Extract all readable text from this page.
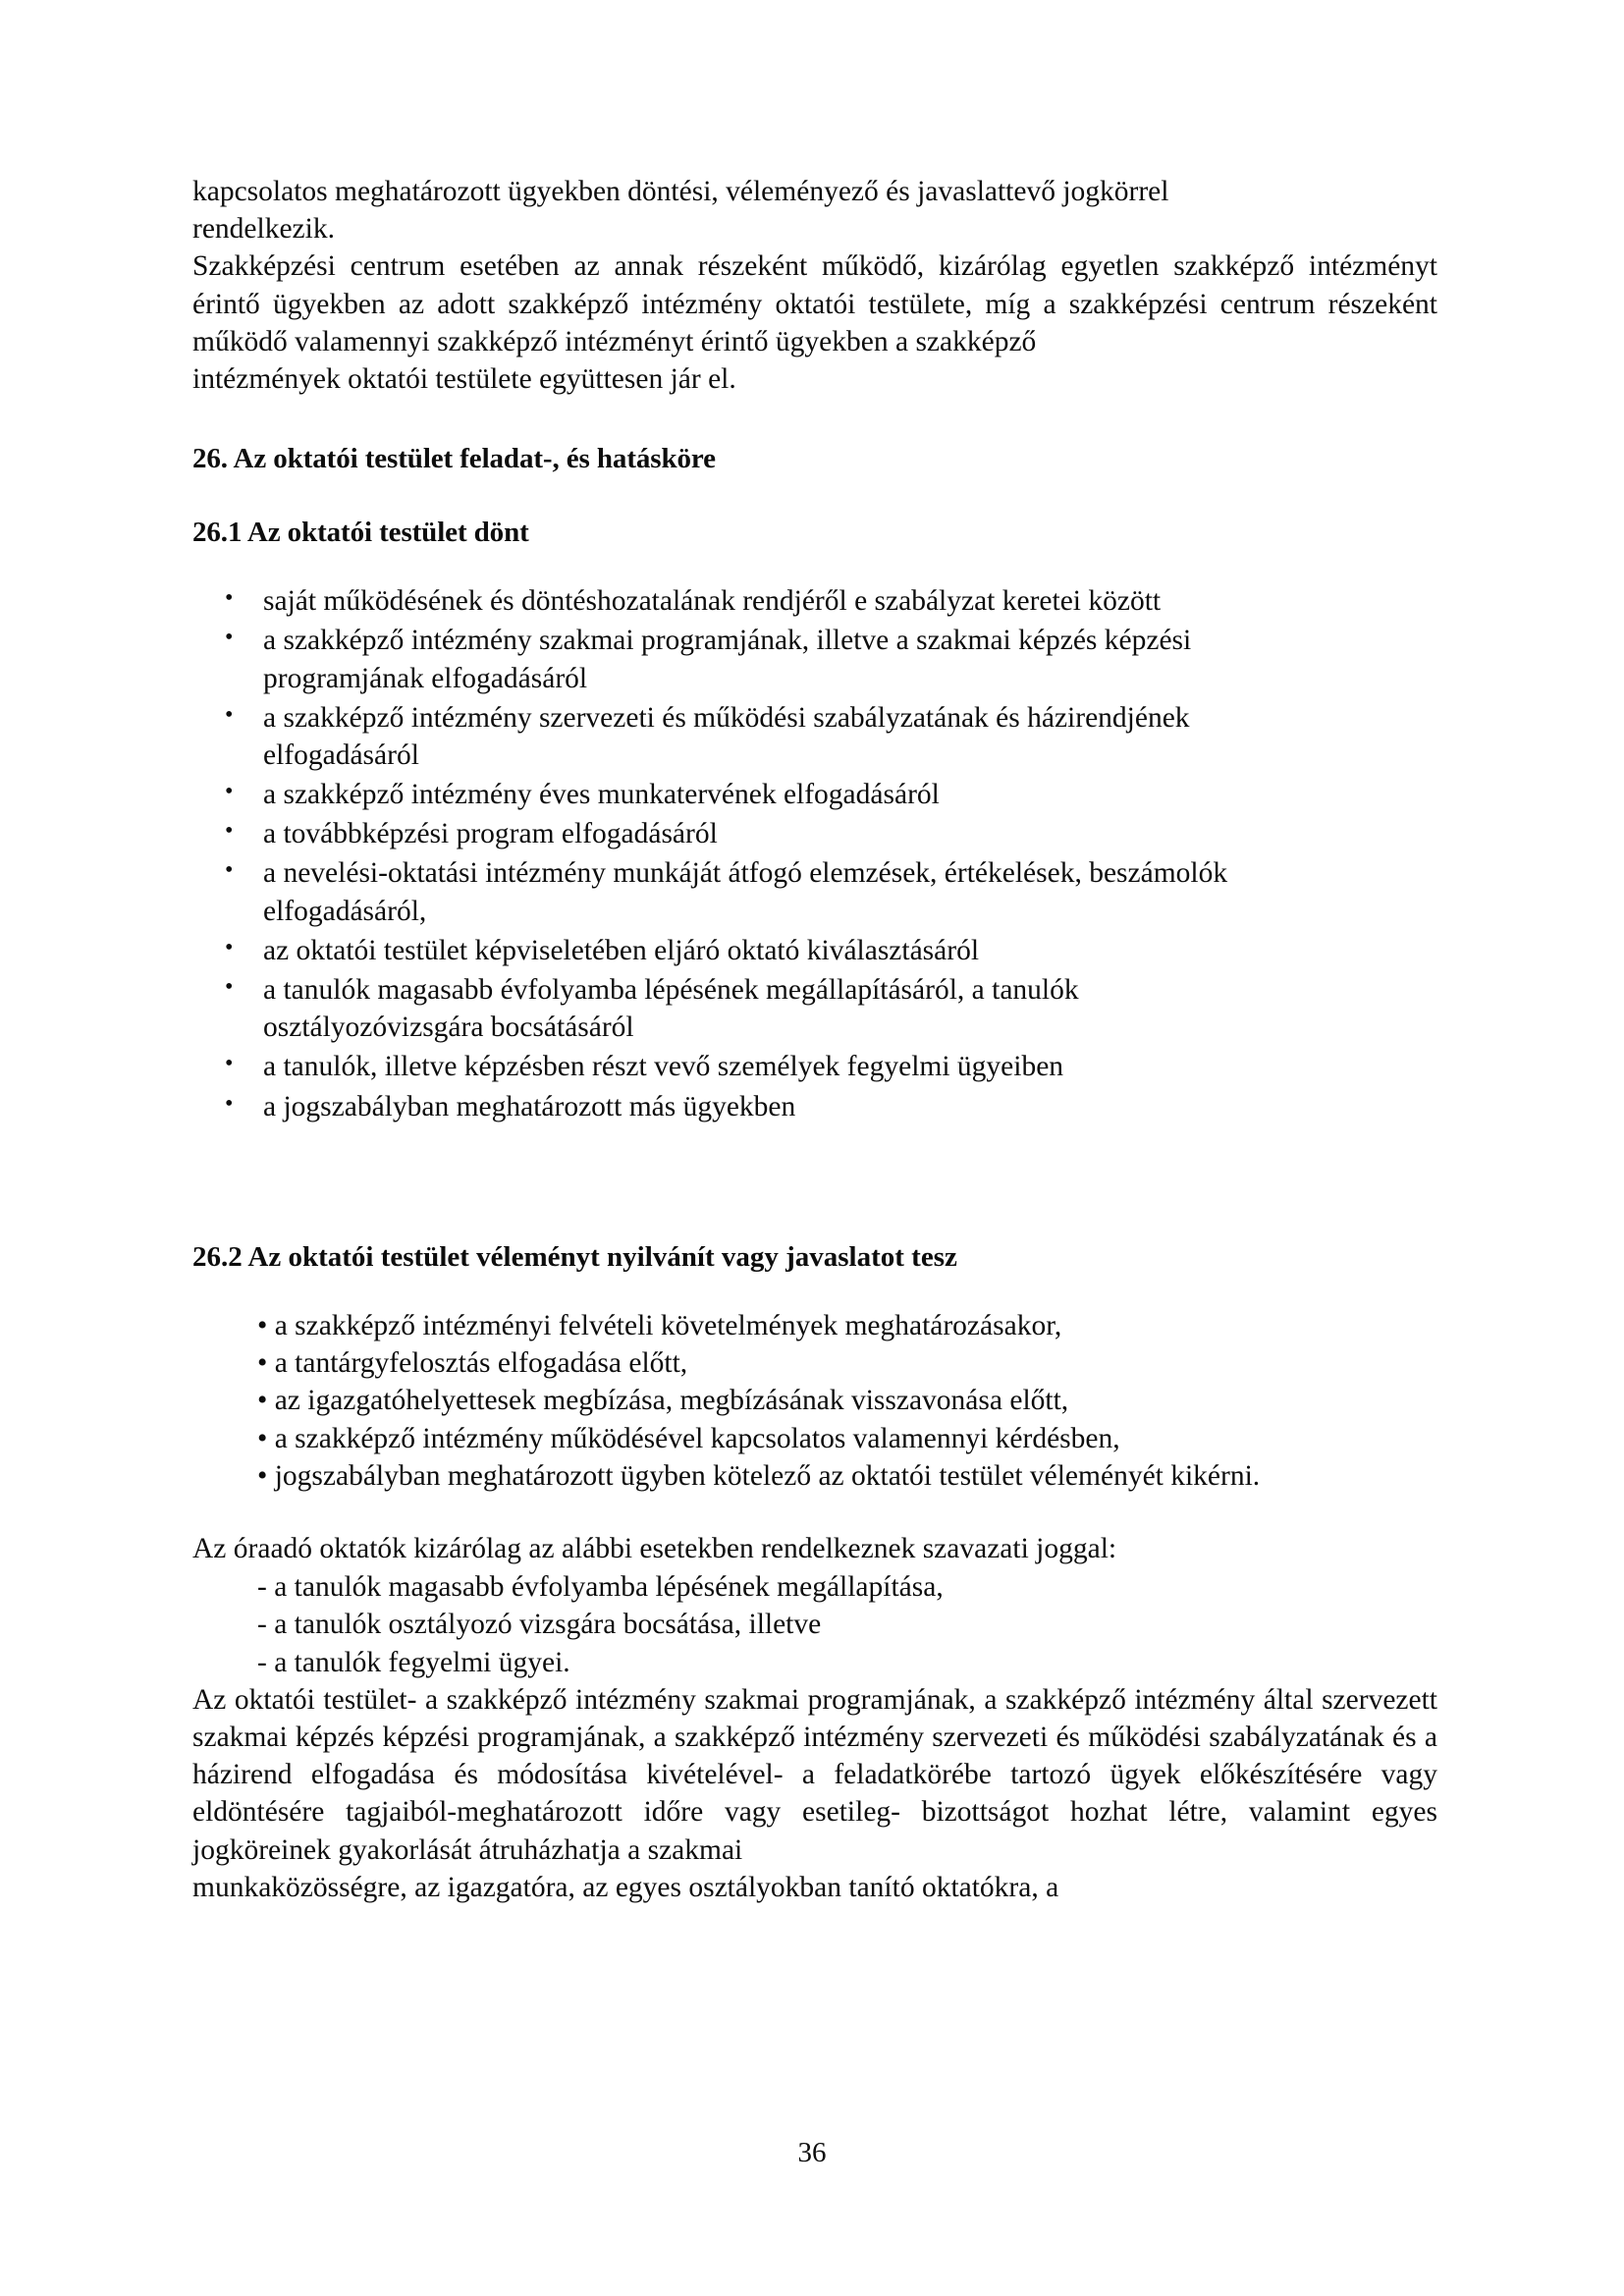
kapcsolatos meghatározott ügyekben döntési, véleményező és javaslattevő jogkörrel
rendelkezik.

Szakképzési centrum esetében az annak részeként működő, kizárólag egyetlen szakképző intézményt érintő ügyekben az adott szakképző intézmény oktatói testülete, míg a szakképzési centrum részeként működő valamennyi szakképző intézményt érintő ügyekben a szakképző
intézmények oktatói testülete együttesen jár el.

26. Az oktatói testület feladat-, és hatásköre
26.1 Az oktatói testület dönt
• saját működésének és döntéshozatalának rendjéről e szabályzat keretei között
• a szakképző intézmény szakmai programjának, illetve a szakmai képzés képzési
programjának elfogadásáról
• a szakképző intézmény szervezeti és működési szabályzatának és házirendjének
elfogadásáról
• a szakképző intézmény éves munkatervének elfogadásáról
• a továbbképzési program elfogadásáról
• a nevelési-oktatási intézmény munkáját átfogó elemzések, értékelések, beszámolók
elfogadásáról,
• az oktatói testület képviseletében eljáró oktató kiválasztásáról
• a tanulók magasabb évfolyamba lépésének megállapításáról, a tanulók
osztályozóvizsgára bocsátásáról
• a tanulók, illetve képzésben részt vevő személyek fegyelmi ügyeiben
• a jogszabályban meghatározott más ügyekben
26.2 Az oktatói testület véleményt nyilvánít vagy javaslatot tesz
• a szakképző intézményi felvételi követelmények meghatározásakor,
• a tantárgyfelosztás elfogadása előtt,
• az igazgatóhelyettesek megbízása, megbízásának visszavonása előtt,
• a szakképző intézmény működésével kapcsolatos valamennyi kérdésben,
• jogszabályban meghatározott ügyben kötelező az oktatói testület véleményét kikérni.
Az óraadó oktatók kizárólag az alábbi esetekben rendelkeznek szavazati joggal:
- a tanulók magasabb évfolyamba lépésének megállapítása,
- a tanulók osztályozó vizsgára bocsátása, illetve
- a tanulók fegyelmi ügyei.

Az oktatói testület- a szakképző intézmény szakmai programjának, a szakképző intézmény által szervezett szakmai képzés képzési programjának, a szakképző intézmény szervezeti és működési szabályzatának és a házirend elfogadása és módosítása kivételével- a feladatkörébe tartozó ügyek előkészítésére vagy eldöntésére tagjaiból-meghatározott időre vagy esetileg- bizottságot hozhat létre, valamint egyes jogköreinek gyakorlását átruházhatja a szakmai
munkaközösségre, az igazgatóra, az egyes osztályokban tanító oktatókra, a

36
